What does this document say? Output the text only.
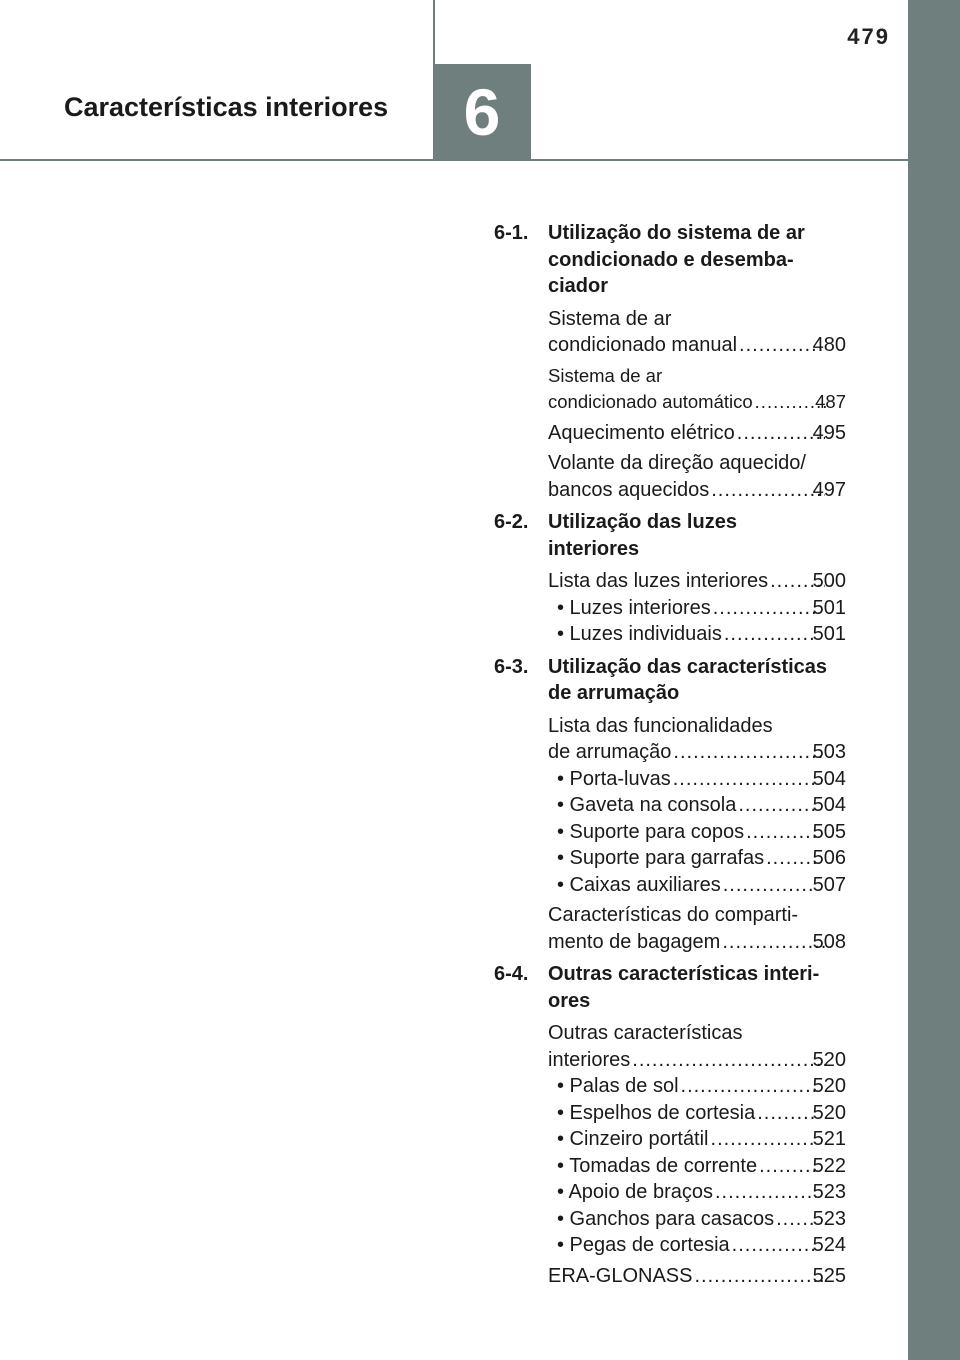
6
479
Características interiores
6-1. Utilização do sistema de ar
condicionado e desemba-
ciador
Sistema de ar
condicionado manual .....	480
Sistema de ar
condicionado automático .....	487
Aquecimento elétrico .....	495
Volante da direção aquecido/
bancos aquecidos .....	497
6-2. Utilização das luzes
interiores
Lista das luzes interiores ..... 500
• Luzes interiores .....	501
• Luzes individuais .....	501
6-3. Utilização das características
de arrumação
Lista das funcionalidades
de arrumação .....	503
• Porta-luvas .....	504
• Gaveta na consola .....	504
• Suporte para copos .....	505
• Suporte para garrafas ..... 506
• Caixas auxiliares .....	507
Características do comparti-
mento de bagagem .....	508
6-4. Outras características interi-
ores
Outras características
interiores .....	520
• Palas de sol .....	520
• Espelhos de cortesia .....	520
• Cinzeiro portátil .....	521
• Tomadas de corrente .....	522
• Apoio de braços .....	523
• Ganchos para casacos ..... 523
• Pegas de cortesia .....	524
ERA-GLONASS .....	525
